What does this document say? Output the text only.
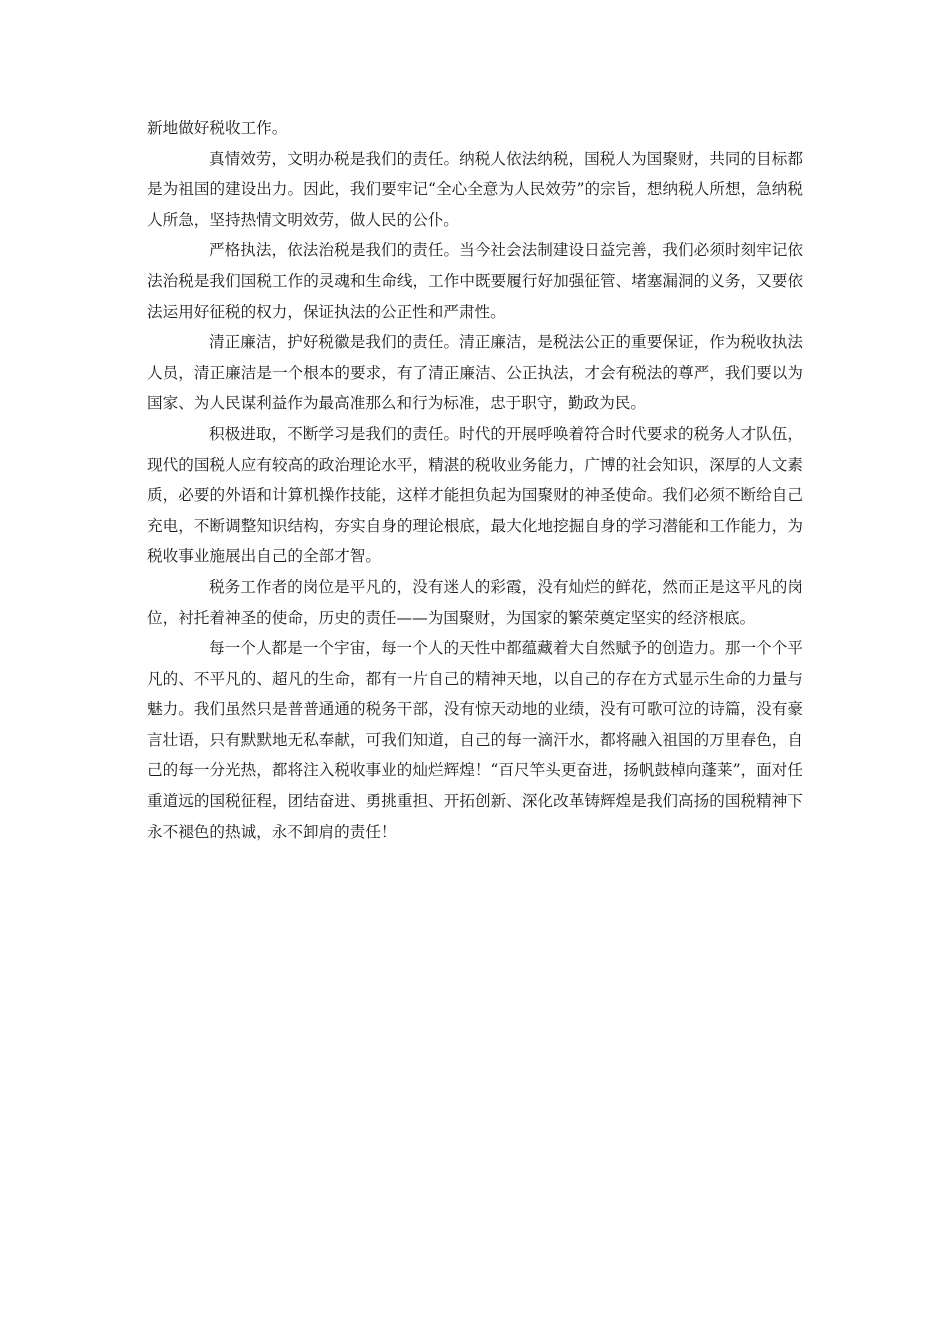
新地做好税收工作。

真情效劳，文明办税是我们的责任。纳税人依法纳税，国税人为国聚财，共同的目标都是为祖国的建设出力。因此，我们要牢记“全心全意为人民效劳”的宗旨，想纳税人所想，急纳税人所急，坚持热情文明效劳，做人民的公仆。

严格执法，依法治税是我们的责任。当今社会法制建设日益完善，我们必须时刻牢记依法治税是我们国税工作的灵魂和生命线，工作中既要履行好加强征管、堵塞漏洞的义务，又要依法运用好征税的权力，保证执法的公正性和严肃性。

清正廉洁，护好税徽是我们的责任。清正廉洁，是税法公正的重要保证，作为税收执法人员，清正廉洁是一个根本的要求，有了清正廉洁、公正执法，才会有税法的尊严，我们要以为国家、为人民谋利益作为最高准那么和行为标准，忠于职守，勤政为民。

积极进取，不断学习是我们的责任。时代的开展呼唤着符合时代要求的税务人才队伍，现代的国税人应有较高的政治理论水平，精湛的税收业务能力，广博的社会知识，深厚的人文素质，必要的外语和计算机操作技能，这样才能担负起为国聚财的神圣使命。我们必须不断给自己充电，不断调整知识结构，夯实自身的理论根底，最大化地挖掘自身的学习潜能和工作能力，为税收事业施展出自己的全部才智。

税务工作者的岗位是平凡的，没有迷人的彩霞，没有灿烂的鲜花，然而正是这平凡的岗位，衬托着神圣的使命，历史的责任——为国聚财，为国家的繁荣奠定坚实的经济根底。

每一个人都是一个宇宙，每一个人的天性中都蕴藏着大自然赋予的创造力。那一个个平凡的、不平凡的、超凡的生命，都有一片自己的精神天地，以自己的存在方式显示生命的力量与魅力。我们虽然只是普普通通的税务干部，没有惊天动地的业绩，没有可歌可泣的诗篇，没有豪言壮语，只有默默地无私奉献，可我们知道，自己的每一滴汗水，都将融入祖国的万里春色，自己的每一分光热，都将注入税收事业的灿烂辉煌！“百尺竿头更奋进，扬帆鼓棹向蓬莱”，面对任重道远的国税征程，团结奋进、勇挑重担、开拓创新、深化改革铸辉煌是我们高扬的国税精神下永不褪色的热诚，永不卸肩的责任！
